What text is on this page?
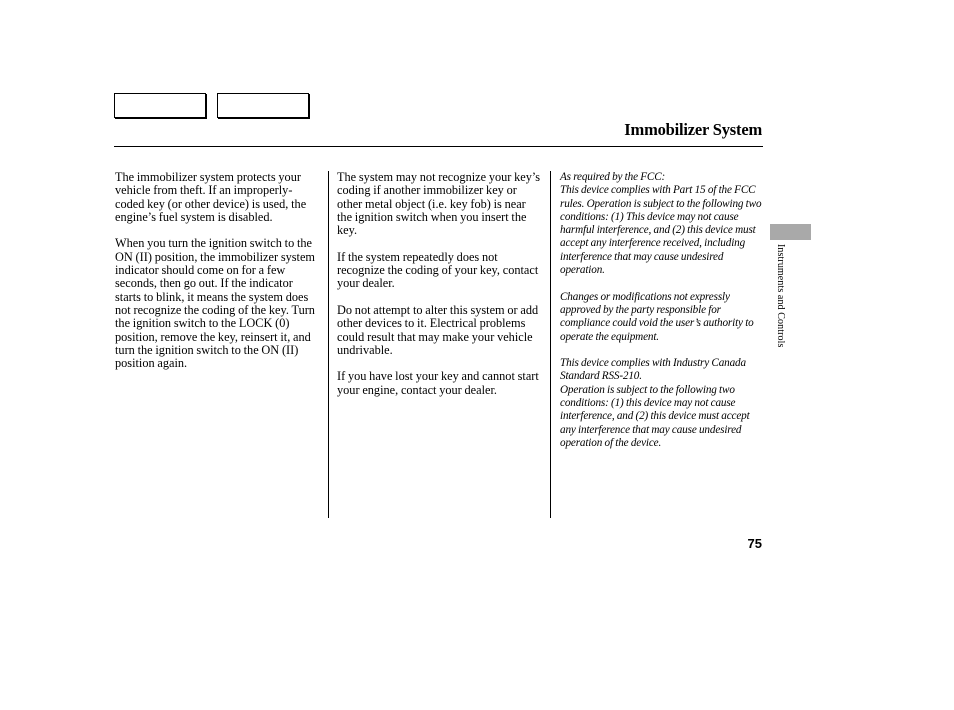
Immobilizer System

The immobilizer system protects your vehicle from theft. If an improperly-coded key (or other device) is used, the engine’s fuel system is disabled.

When you turn the ignition switch to the ON (II) position, the immobilizer system indicator should come on for a few seconds, then go out. If the indicator starts to blink, it means the system does not recognize the coding of the key. Turn the ignition switch to the LOCK (0) position, remove the key, reinsert it, and turn the ignition switch to the ON (II) position again.

The system may not recognize your key’s coding if another immobilizer key or other metal object (i.e. key fob) is near the ignition switch when you insert the key.

If the system repeatedly does not recognize the coding of your key, contact your dealer.

Do not attempt to alter this system or add other devices to it. Electrical problems could result that may make your vehicle undrivable.

If you have lost your key and cannot start your engine, contact your dealer.

As required by the FCC:
This device complies with Part 15 of the FCC rules. Operation is subject to the following two conditions: (1) This device may not cause harmful interference, and (2) this device must accept any interference received, including interference that may cause undesired operation.

Changes or modifications not expressly approved by the party responsible for compliance could void the user’s authority to operate the equipment.

This device complies with Industry Canada Standard RSS-210.
Operation is subject to the following two conditions: (1) this device may not cause interference, and (2) this device must accept any interference that may cause undesired operation of the device.

Instruments and Controls
75
